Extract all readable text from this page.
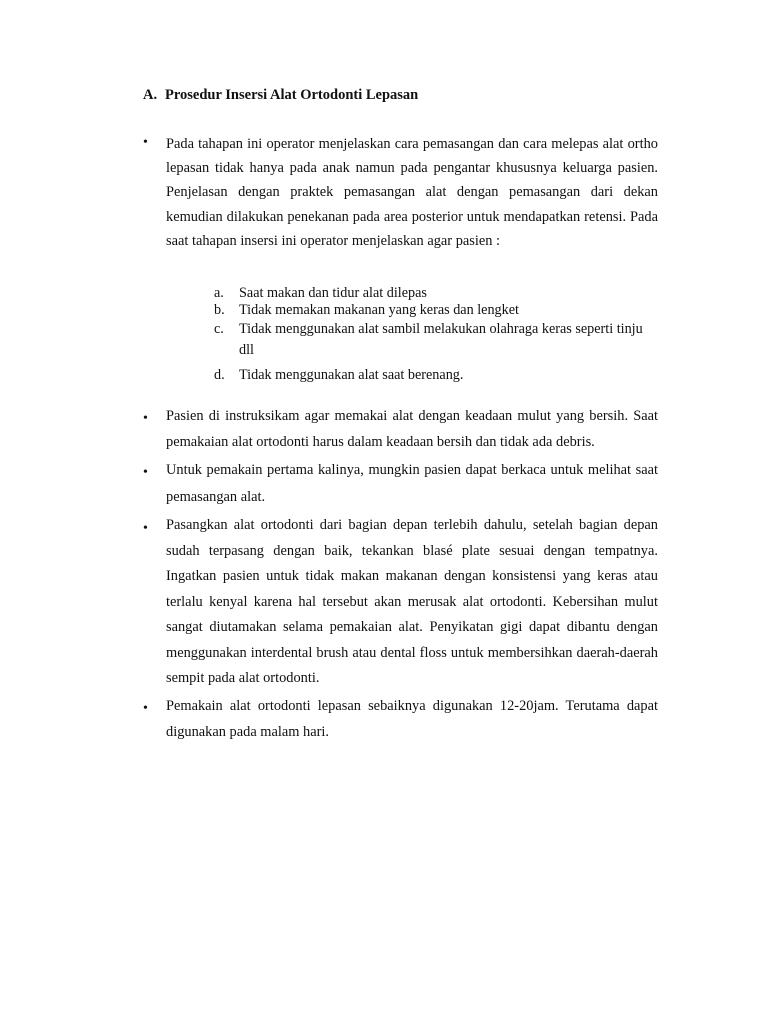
A. Prosedur Insersi Alat Ortodonti Lepasan
•	Pada tahapan ini operator menjelaskan cara pemasangan dan cara melepas alat ortho lepasan tidak hanya pada anak namun pada pengantar khususnya keluarga pasien. Penjelasan dengan praktek pemasangan alat dengan pemasangan dari dekan kemudian dilakukan penekanan pada area posterior untuk mendapatkan retensi. Pada saat tahapan insersi ini operator menjelaskan agar pasien :

a. Saat makan dan tidur alat dilepas
b. Tidak memakan makanan yang keras dan lengket
c. Tidak menggunakan alat sambil melakukan olahraga keras seperti tinju dll
d. Tidak menggunakan alat saat berenang.
•	Pasien di instruksikam agar memakai alat dengan keadaan mulut yang bersih. Saat pemakaian alat ortodonti harus dalam keadaan bersih dan tidak ada debris.

•	Untuk pemakain pertama kalinya, mungkin pasien dapat berkaca untuk melihat saat pemasangan alat.

•	Pasangkan alat ortodonti dari bagian depan terlebih dahulu, setelah bagian depan sudah terpasang dengan baik, tekankan blasé plate sesuai dengan tempatnya. Ingatkan pasien untuk tidak makan makanan dengan konsistensi yang keras atau terlalu kenyal karena hal tersebut akan merusak alat ortodonti. Kebersihan mulut sangat diutamakan selama pemakaian alat. Penyikatan gigi dapat dibantu dengan menggunakan interdental brush atau dental floss untuk membersihkan daerah-daerah sempit pada alat ortodonti.

•	Pemakain alat ortodonti lepasan sebaiknya digunakan 12-20jam. Terutama dapat digunakan pada malam hari.
